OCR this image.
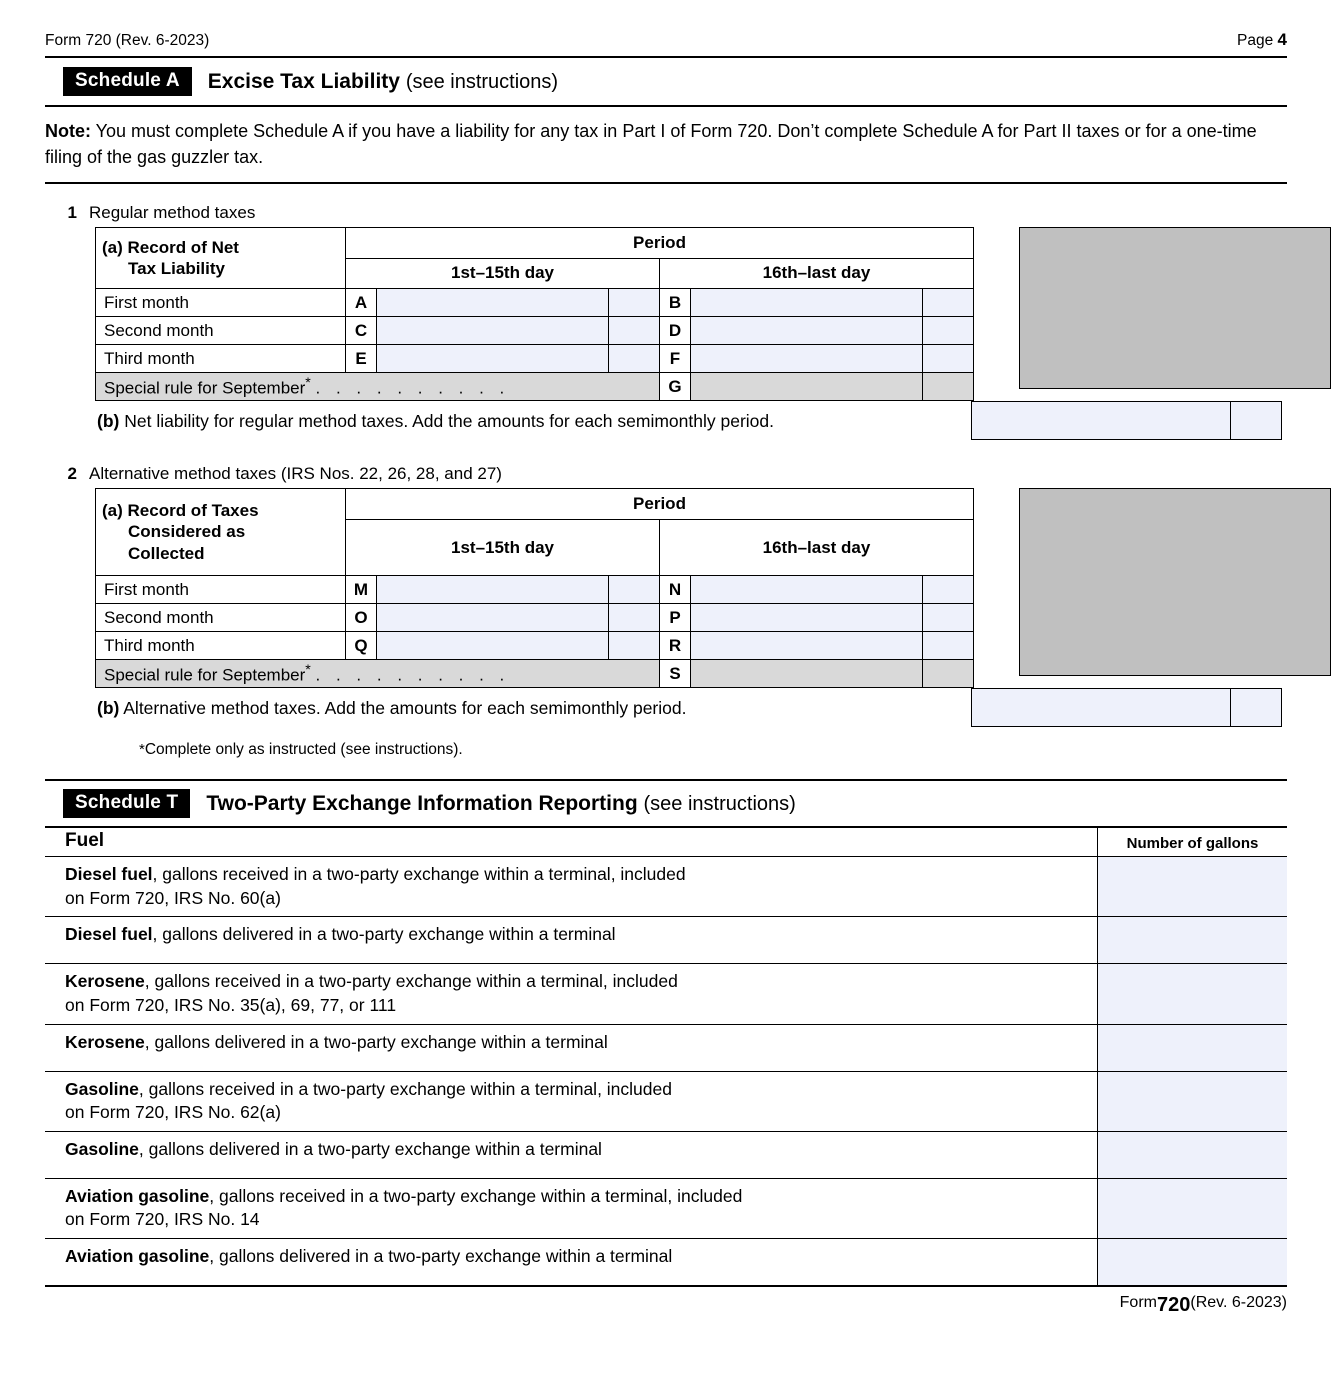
Form 720 (Rev. 6-2023)	Page 4
Schedule A	Excise Tax Liability (see instructions)
Note: You must complete Schedule A if you have a liability for any tax in Part I of Form 720. Don’t complete Schedule A for Part II taxes or for a one-time filing of the gas guzzler tax.
1 Regular method taxes
(a) Record of Net
Tax Liability	Period					
	1st–15th day			16th–last day		
First month	A			B		
Second month	C			D		
Third month	E			F		
Special rule for September* . . . . . . . . . .				G		
(b) Net liability for regular method taxes. Add the amounts for each semimonthly period.
2 Alternative method taxes (IRS Nos. 22, 26, 28, and 27)
(a) Record of Taxes
Considered as
Collected	Period					
	1st–15th day			16th–last day		
First month	M			N		
Second month	O			P		
Third month	Q			R		
Special rule for September* . . . . . . . . . .				S		
(b) Alternative method taxes. Add the amounts for each semimonthly period.
*Complete only as instructed (see instructions).
Schedule T	Two-Party Exchange Information Reporting (see instructions)
Fuel	Number of gallons
Diesel fuel, gallons received in a two-party exchange within a terminal, included
on Form 720, IRS No. 60(a)	
Diesel fuel, gallons delivered in a two-party exchange within a terminal	
Kerosene, gallons received in a two-party exchange within a terminal, included
on Form 720, IRS No. 35(a), 69, 77, or 111	
Kerosene, gallons delivered in a two-party exchange within a terminal	
Gasoline, gallons received in a two-party exchange within a terminal, included
on Form 720, IRS No. 62(a)	
Gasoline, gallons delivered in a two-party exchange within a terminal	
Aviation gasoline, gallons received in a two-party exchange within a terminal, included
on Form 720, IRS No. 14	
Aviation gasoline, gallons delivered in a two-party exchange within a terminal	
Form 720 (Rev. 6-2023)
